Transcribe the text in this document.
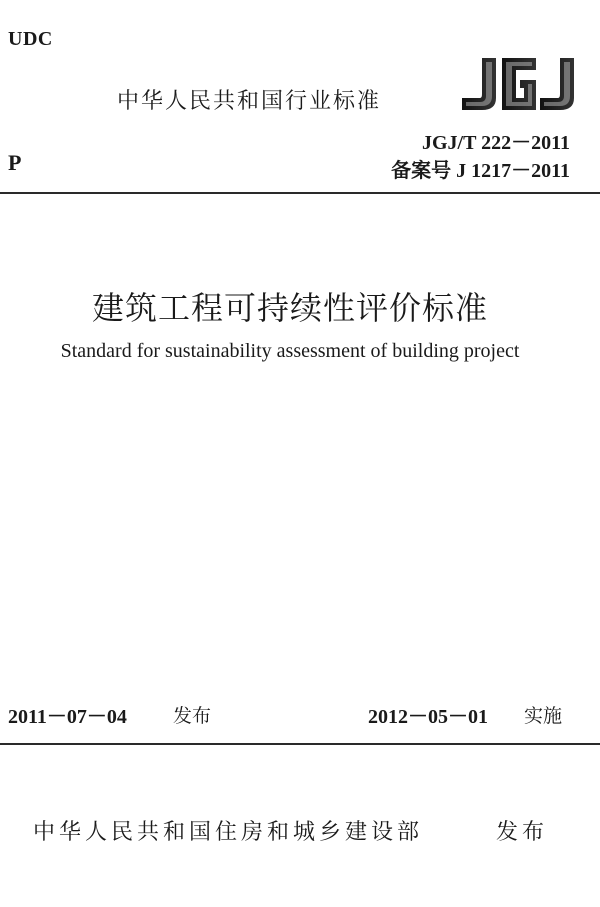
UDC
中华人民共和国行业标准
P
JGJ/T 222－2011
备案号 J 1217－2011
建筑工程可持续性评价标准
Standard for sustainability assessment of building project
2011－07－04 发布	2012－05－01 实施
中华人民共和国住房和城乡建设部	发布
